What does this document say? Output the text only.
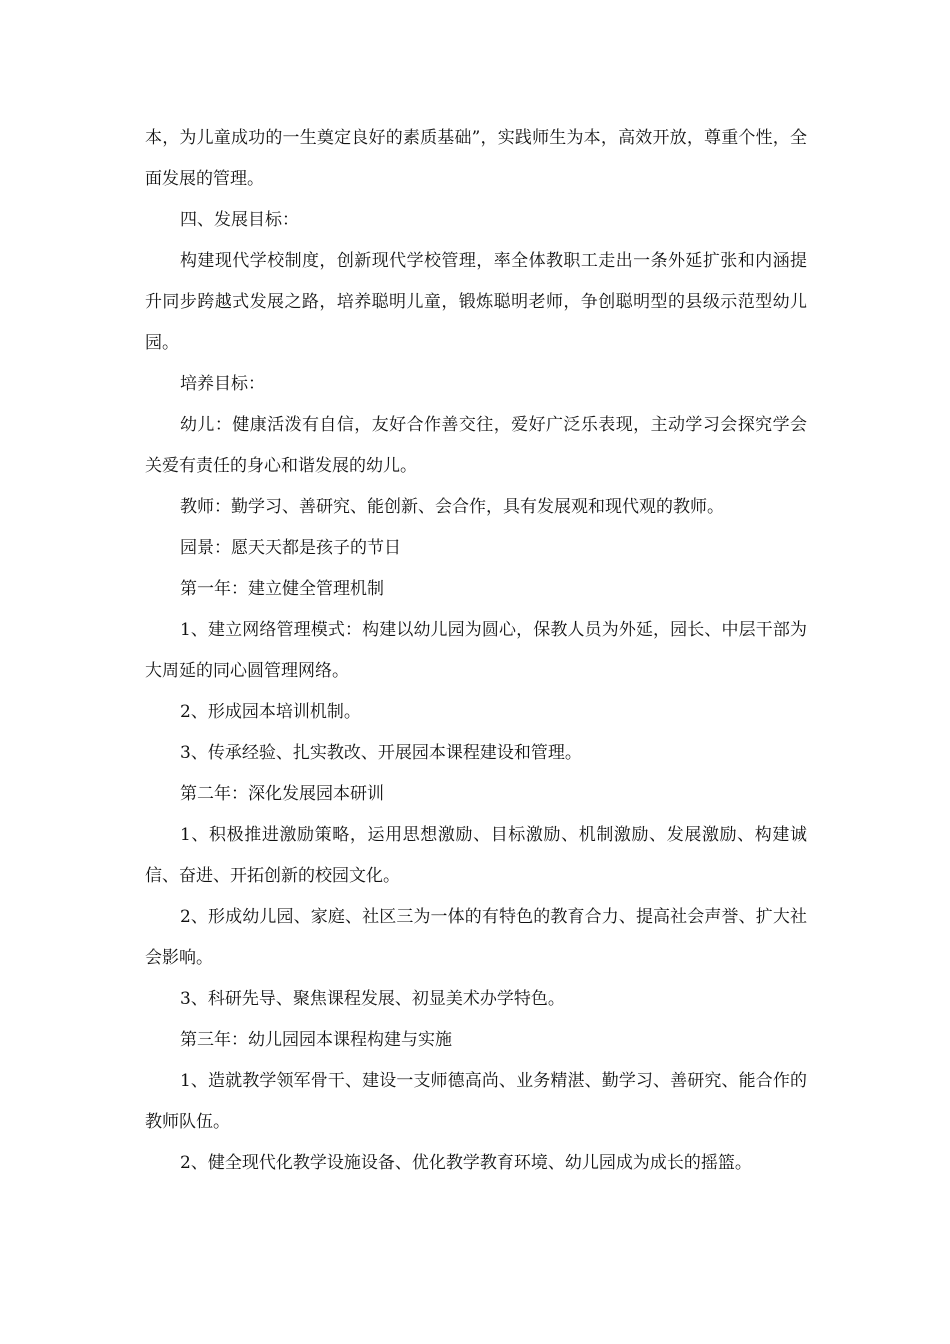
本，为儿童成功的一生奠定良好的素质基础”，实践师生为本，高效开放，尊重个性，全面发展的管理。

四、发展目标：

构建现代学校制度，创新现代学校管理，率全体教职工走出一条外延扩张和内涵提升同步跨越式发展之路，培养聪明儿童，锻炼聪明老师，争创聪明型的县级示范型幼儿园。

培养目标：

幼儿：健康活泼有自信，友好合作善交往，爱好广泛乐表现，主动学习会探究学会关爱有责任的身心和谐发展的幼儿。

教师：勤学习、善研究、能创新、会合作，具有发展观和现代观的教师。

园景：愿天天都是孩子的节日

第一年：建立健全管理机制

1、建立网络管理模式：构建以幼儿园为圆心，保教人员为外延，园长、中层干部为大周延的同心圆管理网络。

2、形成园本培训机制。

3、传承经验、扎实教改、开展园本课程建设和管理。

第二年：深化发展园本研训

1、积极推进激励策略，运用思想激励、目标激励、机制激励、发展激励、构建诚信、奋进、开拓创新的校园文化。

2、形成幼儿园、家庭、社区三为一体的有特色的教育合力、提高社会声誉、扩大社会影响。

3、科研先导、聚焦课程发展、初显美术办学特色。

第三年：幼儿园园本课程构建与实施

1、造就教学领军骨干、建设一支师德高尚、业务精湛、勤学习、善研究、能合作的教师队伍。

2、健全现代化教学设施设备、优化教学教育环境、幼儿园成为成长的摇篮。
